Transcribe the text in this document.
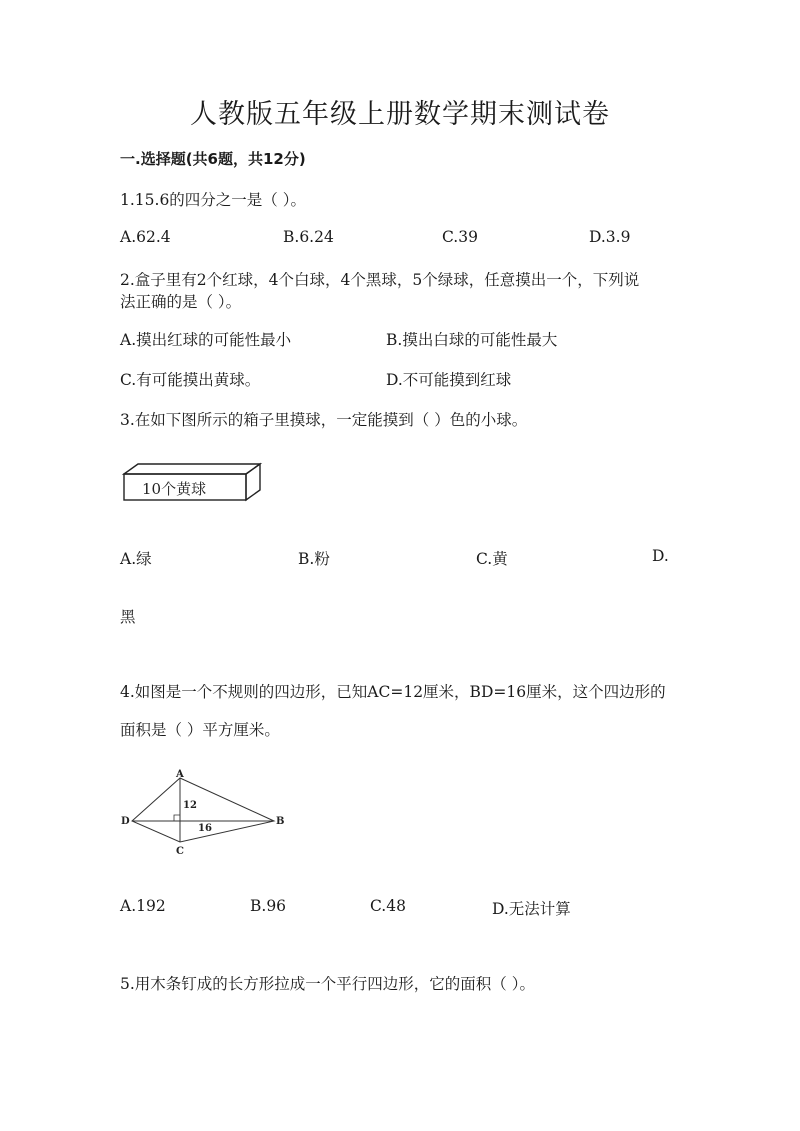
人教版五年级上册数学期末测试卷
一.选择题(共6题，共12分)
1.15.6的四分之一是（ ）。
A.62.4	B.6.24	C.39	D.3.9
2.盒子里有2个红球，4个白球，4个黑球，5个绿球，任意摸出一个，下列说
法正确的是（ ）。
A.摸出红球的可能性最小	B.摸出白球的可能性最大
C.有可能摸出黄球。	D.不可能摸到红球
3.在如下图所示的箱子里摸球，一定能摸到（ ）色的小球。
10个黄球
A.绿	B.粉	C.黄	D.
黑
4.如图是一个不规则的四边形，已知AC=12厘米，BD=16厘米，这个四边形的
面积是（ ）平方厘米。
A
B
C
D
12
16
A.192	B.96	C.48	D.无法计算
5.用木条钉成的长方形拉成一个平行四边形，它的面积（ ）。
